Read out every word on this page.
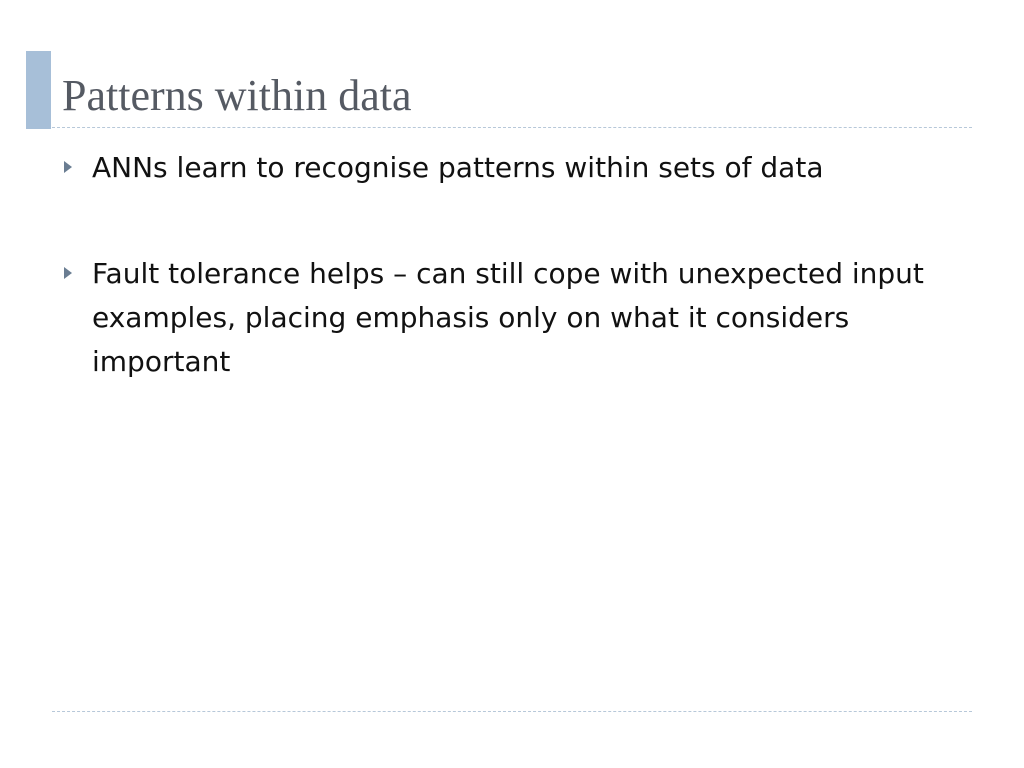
Patterns within data
ANNs learn to recognise patterns within sets of data
Fault tolerance helps – can still cope with unexpected input examples, placing emphasis only on what it considers important
